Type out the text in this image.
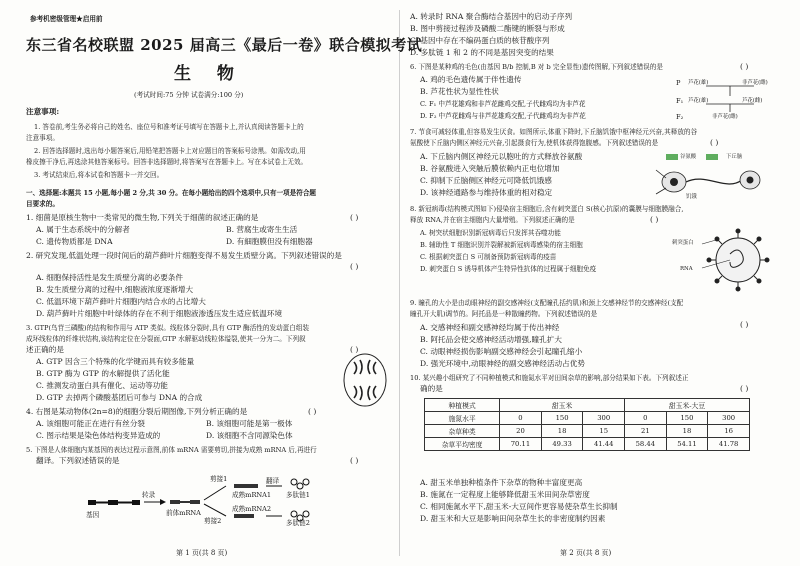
参考机密级管理★启用前
东三省名校联盟 2025 届高三《最后一卷》联合模拟考试
生 物
(考试时间:75 分钟 试卷满分:100 分)
注意事项:
1. 答卷前,考生务必将自己的姓名、座位号和准考证号填写在答题卡上,并认真阅读答题卡上的
注意事项。
2. 回答选择题时,选出每小题答案后,用铅笔把答题卡上对应题目的答案标号涂黑。如需改动,用
橡皮擦干净后,再选涂其他答案标号。回答非选择题时,将答案写在答题卡上。写在本试卷上无效。
3. 考试结束后,将本试卷和答题卡一并交回。
一、选择题:本题共 15 小题,每小题 2 分,共 30 分。在每小题给出的四个选项中,只有一项是符合题
目要求的。
1. 细菌是原核生物中一类常见的微生物,下列关于细菌的叙述正确的是	( )
A. 属于生态系统中的分解者	B. 营腐生或寄生生活
C. 遗传物质都是 DNA	D. 有細胞膜但没有细胞器
2. 研究发现,低温处理一段时间后的葫芦藓叶片细胞变得不易发生质壁分离。下列叙述错误的是
( )
A. 细胞保持活性是发生质壁分离的必要条件
B. 发生质壁分离的过程中,细胞液浓度逐渐增大
C. 低温环境下葫芦藓叶片细胞内结合水的占比增大
D. 葫芦藓叶片细胞中叶绿体的存在不利于细胞液渗透压发生适应低温环境
3. GTP(鸟苷三磷酸)的结构和作用与 ATP 类似。线粒体分裂时,具有 GTP 酶活性的发动蛋白组装
成环线粒体的纤维状结构,该结构定位在分裂面,GTP 水解驱动线粒体缢裂,使其一分为二。下列叙
述正确的是	( )
A. GTP 因含三个特殊的化学键而具有较多能量
B. GTP 酶为 GTP 的水解提供了活化能
C. 推测发动蛋白具有催化、运动等功能
D. GTP 去掉两个磷酸基团后可参与 DNA 的合成
4. 右图是某动物体(2n=8)的细胞分裂后期图像,下列分析正确的是	( )
A. 该细胞可能正在进行有丝分裂	B. 该细胞可能是第一极体
C. 图示结果是染色体结构变异造成的	D. 该细胞不含同源染色体
5. 下图是人体细胞内某基因的表达过程示意图,前体 mRNA 需要剪切,拼接为成熟 mRNA 后,再进行
翻译。下列叙述错误的是	( )
基因
转录
前体mRNA
剪接1
剪接2
成熟mRNA1
成熟mRNA2
翻译
多肽链1
多肽链2
第 1 页(共 8 页)
A. 转录时 RNA 聚合酶结合基因中的启动子序列
B. 图中剪接过程涉及磷酸二酯键的断裂与形成
C. 基因中存在不编码蛋白质的核苷酸序列
D. 多肽链 1 和 2 的不同是基因突变的结果
6. 下图是某种鸡的毛色(由基因 B/b 控制,B 对 b 完全显性)遗传图解,下列叙述错误的是	( )
A. 鸡的毛色遗传属于伴性遗传
B. 芦花性状为显性性状
C. F₁ 中芦花雄鸡和非芦花雌鸡交配,子代雌鸡均为非芦花
D. F₂ 中芦花雌鸡与非芦花雄鸡交配,子代雌鸡均为非芦花
P
F₁
F₂
芦花(雄)	非芦花(雌)
芦花(雄)	芦花(雌)
非芦花(雌)
7. 节食可减轻体重,但容易发生厌食。如图所示,体重下降时,下丘脑饥饿中枢神经元兴奋,其释放的谷
氨酸使下丘脑内侧区神经元兴奋,引起摄食行为,使机体获得饱腹感。下列叙述错误的是	( )
A. 下丘脑内侧区神经元以胞吐的方式释放谷氨酸
B. 谷氨酸进入突触后膜依赖内正电位增加
C. 抑制下丘脑侧区神经元可降低饥饿感
D. 该神经通路参与维持体重的相对稳定
谷氨酸
饥饿
下丘脑
8. 新冠病毒(结构模式图如下)侵染宿主细胞后,含有刺突蛋白 S(核心抗原)的囊膜与细胞膜融合,
释放 RNA,并在宿主细胞内大量增殖。下列叙述正确的是	( )
A. 树突状细胞识别新冠病毒后只发挥其吞噬功能
B. 辅助性 T 细胞识别并裂解被新冠病毒感染的宿主细胞
C. 根据刺突蛋白 S 可制备预防新冠病毒的疫苗
D. 刺突蛋白 S 诱导机体产生特异性抗体的过程属于细胞免疫
刺突蛋白
RNA
9. 瞳孔的大小是由动眼神经的副交感神经(支配瞳孔括约肌)和颈上交感神经节的交感神经(支配
瞳孔开大肌)调节的。阿托品是一种散瞳药物。下列叙述错误的是
( )
A. 交感神经和副交感神经均属于传出神经
B. 阿托品会使交感神经活动增强,瞳孔扩大
C. 动眼神经损伤影响副交感神经会引起瞳孔缩小
D. 强光环境中,动眼神经的副交感神经活动占优势
10. 某兴趣小组研究了不同种植模式和施氮水平对田间杂草的影响,部分结果如下表。下列叙述正
确的是	( )
种植模式	甜玉米			甜玉米-大豆		
施氮水平	0	150	300	0	150	300
杂草种类	20	18	15	21	18	16
杂草平均密度	70.11	49.33	41.44	58.44	54.11	41.78
A. 甜玉米单独种植条件下杂草的物种丰富度更高
B. 施氮在一定程度上能够降低甜玉米田间杂草密度
C. 相同施氮水平下,甜玉米-大豆间作更容易使杂草生长抑制
D. 甜玉米和大豆是影响田间杂草生长的非密度制约因素
第 2 页(共 8 页)
